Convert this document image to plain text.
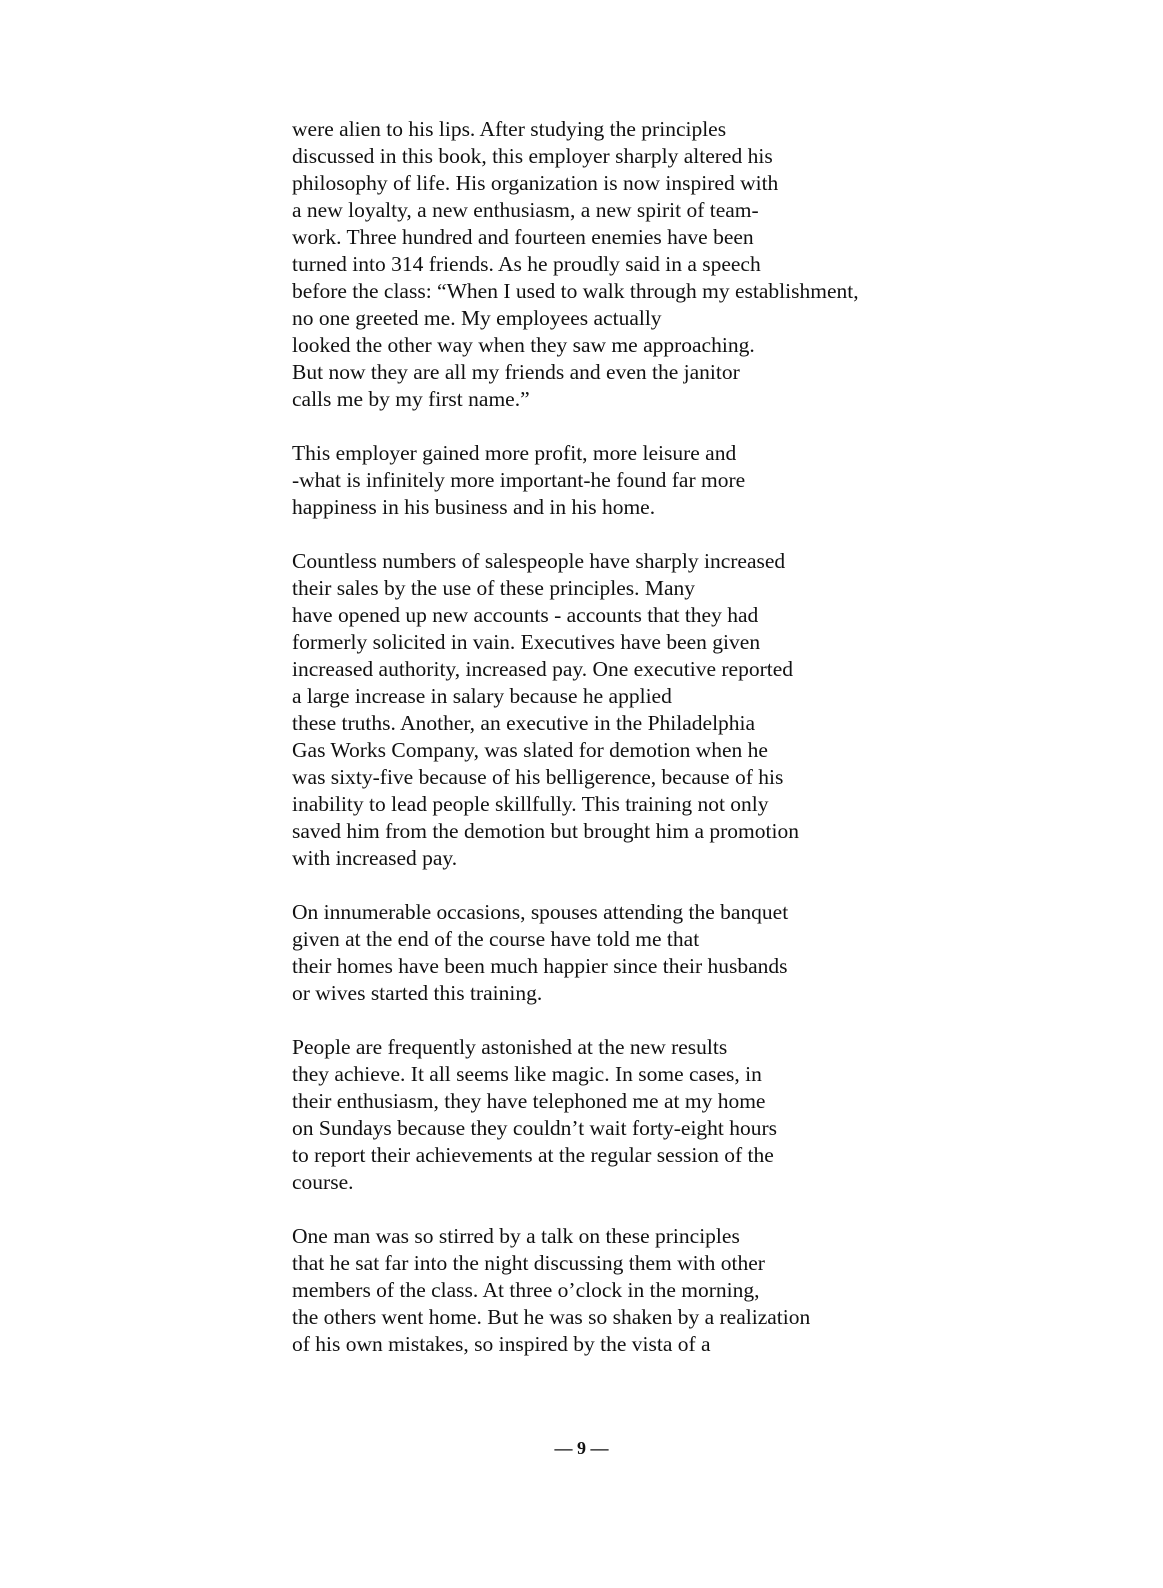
were alien to his lips. After studying the principles
discussed in this book, this employer sharply altered his
philosophy of life. His organization is now inspired with
a new loyalty, a new enthusiasm, a new spirit of team-
work. Three hundred and fourteen enemies have been
turned into 314 friends. As he proudly said in a speech
before the class: “When I used to walk through my establishment,
no one greeted me. My employees actually
looked the other way when they saw me approaching.
But now they are all my friends and even the janitor
calls me by my first name.”
This employer gained more profit, more leisure and
-what is infinitely more important-he found far more
happiness in his business and in his home.
Countless numbers of salespeople have sharply increased
their sales by the use of these principles. Many
have opened up new accounts - accounts that they had
formerly solicited in vain. Executives have been given
increased authority, increased pay. One executive reported
a large increase in salary because he applied
these truths. Another, an executive in the Philadelphia
Gas Works Company, was slated for demotion when he
was sixty-five because of his belligerence, because of his
inability to lead people skillfully. This training not only
saved him from the demotion but brought him a promotion
with increased pay.
On innumerable occasions, spouses attending the banquet
given at the end of the course have told me that
their homes have been much happier since their husbands
or wives started this training.
People are frequently astonished at the new results
they achieve. It all seems like magic. In some cases, in
their enthusiasm, they have telephoned me at my home
on Sundays because they couldn’t wait forty-eight hours
to report their achievements at the regular session of the
course.
One man was so stirred by a talk on these principles
that he sat far into the night discussing them with other
members of the class. At three o’clock in the morning,
the others went home. But he was so shaken by a realization
of his own mistakes, so inspired by the vista of a
— 9 —
